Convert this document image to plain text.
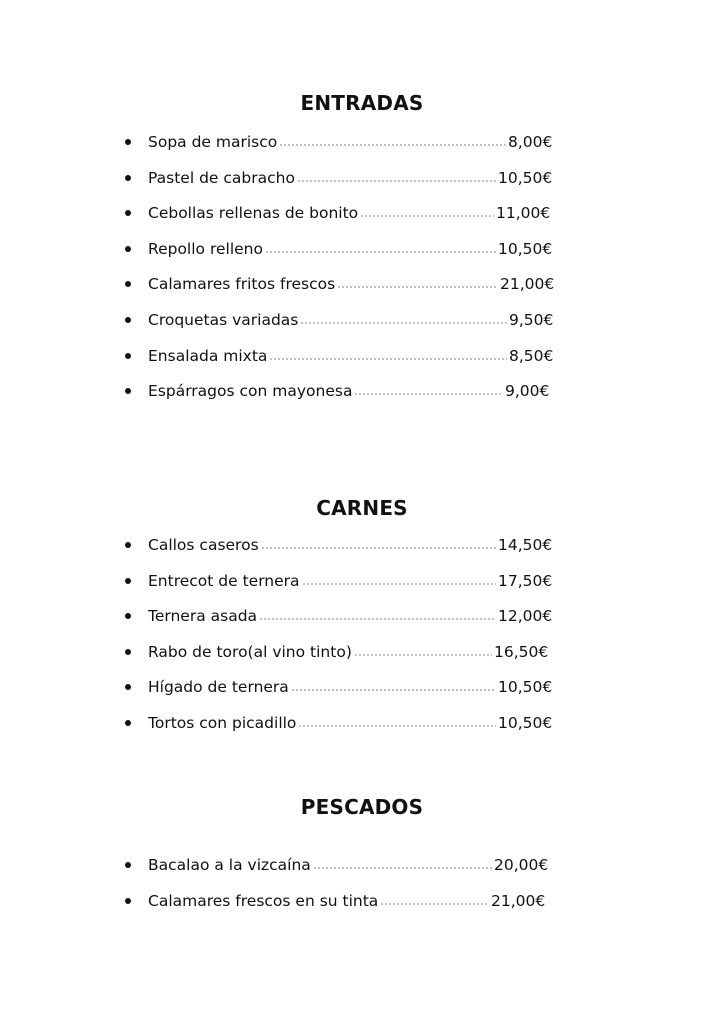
ENTRADAS
Sopa de marisco	8,00€
Pastel de cabracho	10,50€
Cebollas rellenas de bonito	11,00€
Repollo relleno	10,50€
Calamares fritos frescos	21,00€
Croquetas variadas	9,50€
Ensalada mixta	8,50€
Espárragos con mayonesa	9,00€
CARNES
Callos caseros	14,50€
Entrecot de ternera	17,50€
Ternera asada	12,00€
Rabo de toro(al vino tinto)	16,50€
Hígado de ternera	10,50€
Tortos con picadillo	10,50€
PESCADOS
Bacalao a la vizcaína	20,00€
Calamares frescos en su tinta	21,00€
